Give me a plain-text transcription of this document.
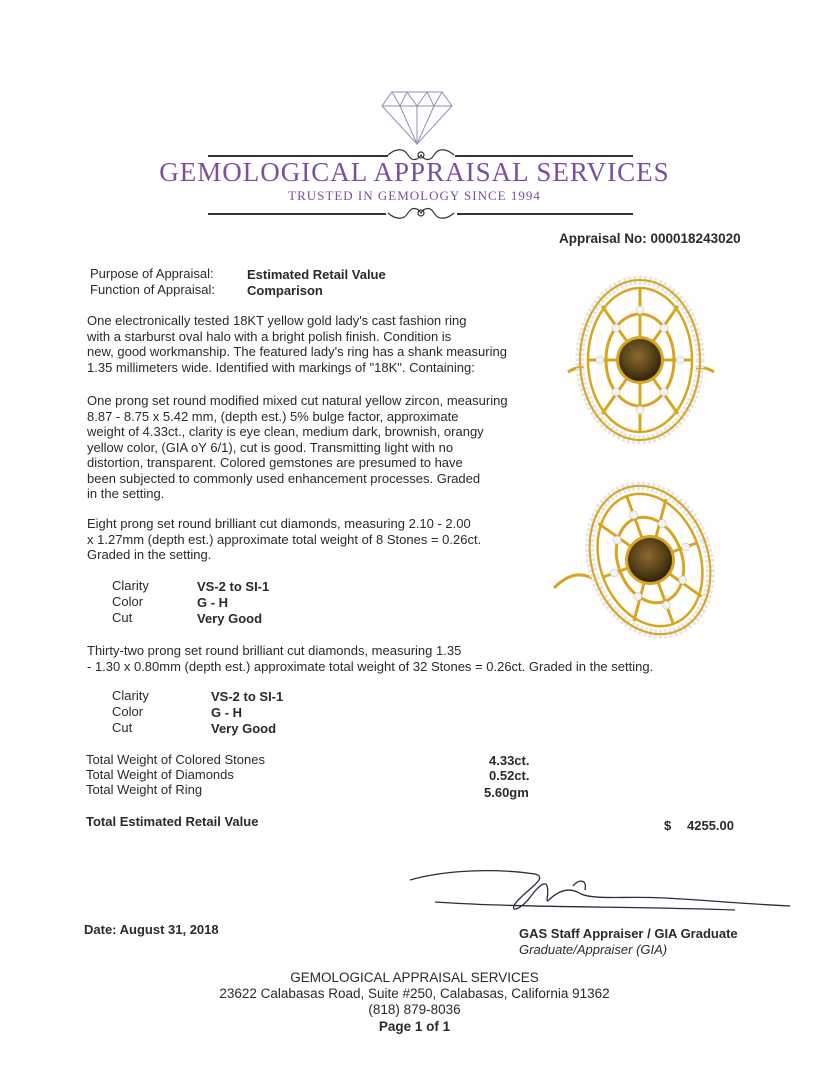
GEMOLOGICAL APPRAISAL SERVICES
TRUSTED IN GEMOLOGY SINCE 1994
Appraisal No: 000018243020
Purpose of Appraisal:	Estimated Retail Value
Function of Appraisal: Comparison
One electronically tested 18KT yellow gold lady's cast fashion ring
with a starburst oval halo with a bright polish finish. Condition is
new, good workmanship. The featured lady's ring has a shank measuring
1.35 millimeters wide. Identified with markings of "18K". Containing:
One prong set round modified mixed cut natural yellow zircon, measuring
8.87 - 8.75 x 5.42 mm, (depth est.) 5% bulge factor, approximate
weight of 4.33ct., clarity is eye clean, medium dark, brownish, orangy
yellow color, (GIA oY 6/1), cut is good. Transmitting light with no
distortion, transparent. Colored gemstones are presumed to have
been subjected to commonly used enhancement processes. Graded
in the setting.
Eight prong set round brilliant cut diamonds, measuring 2.10 - 2.00
x 1.27mm (depth est.) approximate total weight of 8 Stones = 0.26ct.
Graded in the setting.
Clarity	VS-2 to SI-1
Color	G - H
Cut	Very Good
Thirty-two prong set round brilliant cut diamonds, measuring 1.35
- 1.30 x 0.80mm (depth est.) approximate total weight of 32 Stones = 0.26ct. Graded in the setting.
Clarity	VS-2 to SI-1
Color	G - H
Cut	Very Good
Total Weight of Colored Stones	4.33ct.
Total Weight of Diamonds	0.52ct.
Total Weight of Ring	5.60gm
Total Estimated Retail Value	$ 4255.00
Date: August 31, 2018	GAS Staff Appraiser / GIA Graduate
Graduate/Appraiser (GIA)
GEMOLOGICAL APPRAISAL SERVICES
23622 Calabasas Road, Suite #250, Calabasas, California 91362
(818) 879-8036
Page 1 of 1
